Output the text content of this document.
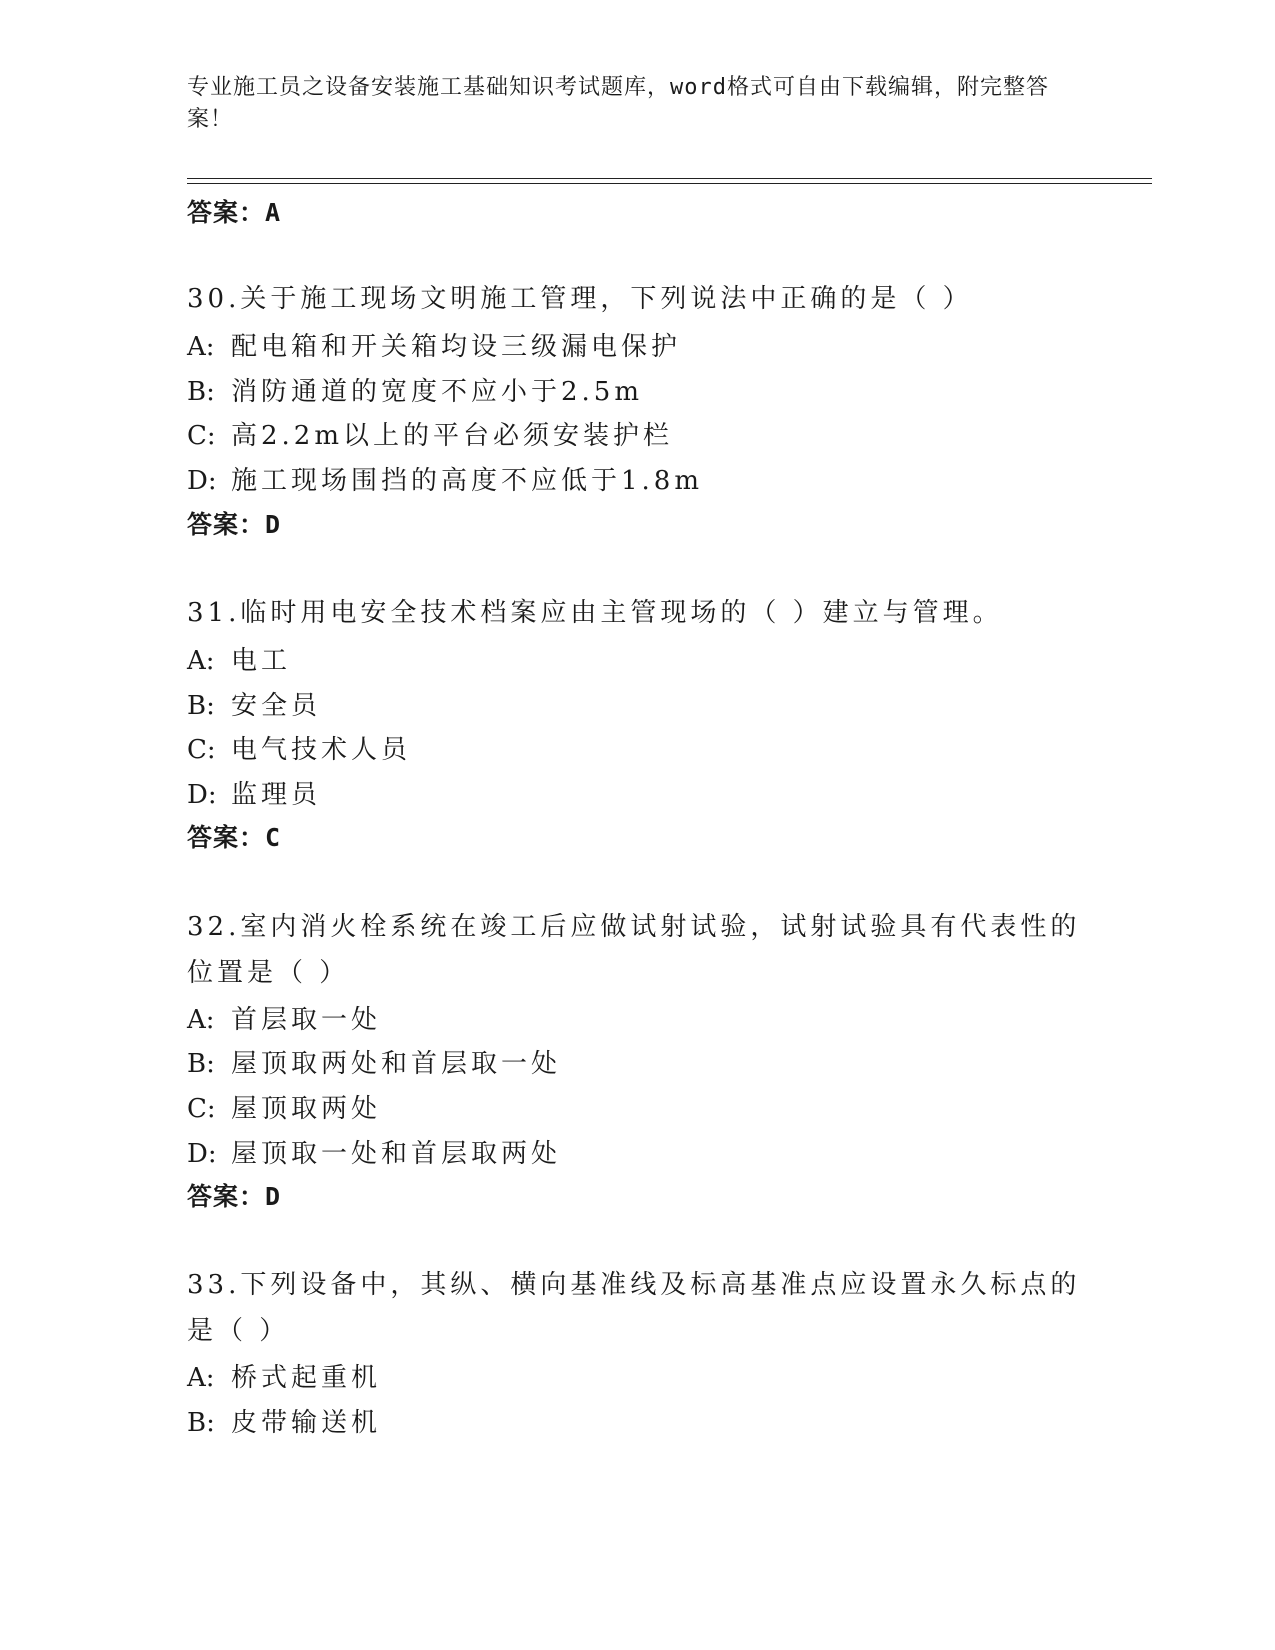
专业施工员之设备安装施工基础知识考试题库，word格式可自由下载编辑，附完整答案！
答案：A
30.关于施工现场文明施工管理，下列说法中正确的是（ ）
A: 配电箱和开关箱均设三级漏电保护
B: 消防通道的宽度不应小于2.5m
C: 高2.2m以上的平台必须安装护栏
D: 施工现场围挡的高度不应低于1.8m
答案：D
31.临时用电安全技术档案应由主管现场的（ ）建立与管理。
A: 电工
B: 安全员
C: 电气技术人员
D: 监理员
答案：C
32.室内消火栓系统在竣工后应做试射试验，试射试验具有代表性的位置是（ ）
A: 首层取一处
B: 屋顶取两处和首层取一处
C: 屋顶取两处
D: 屋顶取一处和首层取两处
答案：D
33.下列设备中，其纵、横向基准线及标高基准点应设置永久标点的是（ ）
A: 桥式起重机
B: 皮带输送机
